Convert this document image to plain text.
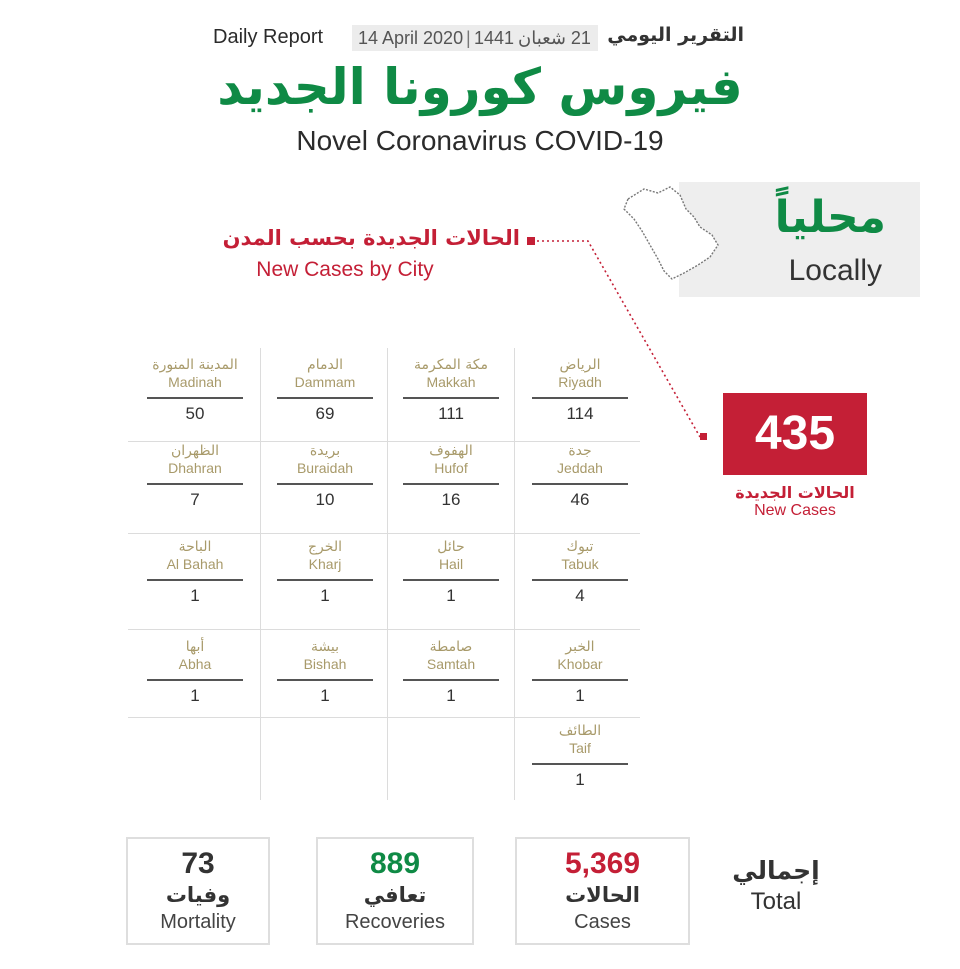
Daily Report 14 April 2020 | 1441 21 شعبان التقرير اليومي
فيروس كورونا الجديد
Novel Coronavirus COVID-19
محلياً
Locally
الحالات الجديدة بحسب المدن
New Cases by City
435
الحالات الجديدة
New Cases
الرياض
Riyadh
114
مكة المكرمة
Makkah
111
الدمام
Dammam
69
المدينة المنورة
Madinah
50
جدة
Jeddah
46
الهفوف
Hufof
16
بريدة
Buraidah
10
الظهران
Dhahran
7
تبوك
Tabuk
4
حائل
Hail
1
الخرج
Kharj
1
الباحة
Al Bahah
1
الخبر
Khobar
1
صامطة
Samtah
1
بيشة
Bishah
1
أبها
Abha
1
الطائف
Taif
1
5,369
الحالات
Cases
889
تعافي
Recoveries
73
وفيات
Mortality
إجمالي
Total
